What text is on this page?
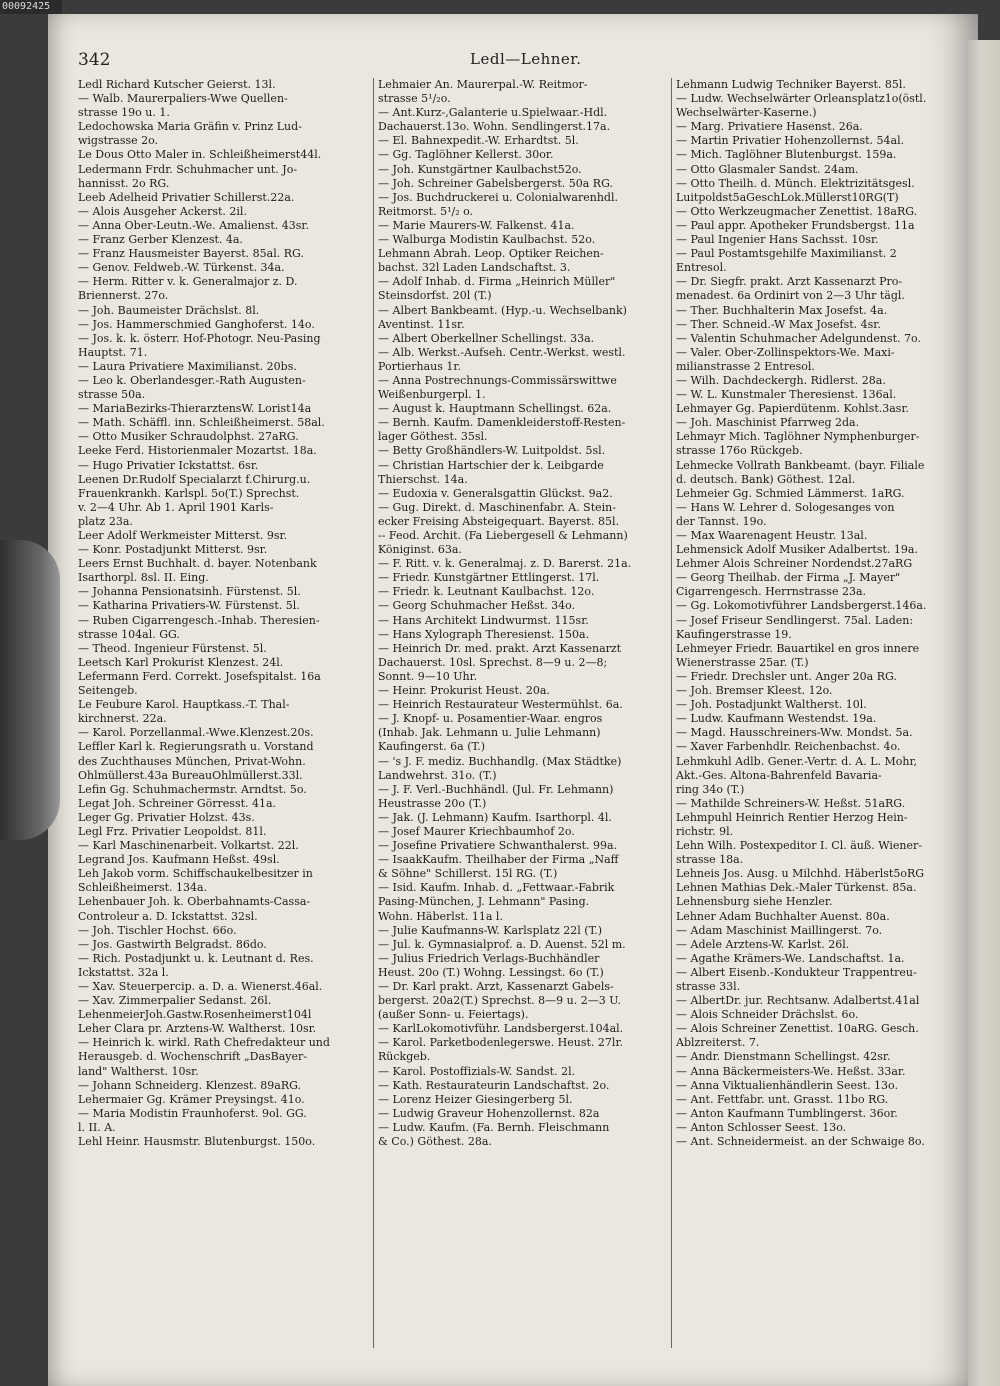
00092425
342	Ledl—Lehner.
Ledl Richard Kutscher Geierst. 13l.
— Walb. Maurerpaliers-Wwe Quellen-
strasse 19o u. 1.
Ledochowska Maria Gräfin v. Prinz Lud-
wigstrasse 2o.
Le Dous Otto Maler in. Schleißheimerst44l.
Ledermann Frdr. Schuhmacher unt. Jo-
hannisst. 2o RG.
Leeb Adelheid Privatier Schillerst.22a.
— Alois Ausgeher Ackerst. 2il.
— Anna Ober-Leutn.-We. Amalienst. 43sr.
— Franz Gerber Klenzest. 4a.
— Franz Hausmeister Bayerst. 85al. RG.
— Genov. Feldweb.-W. Türkenst. 34a.
— Herm. Ritter v. k. Generalmajor z. D.
Briennerst. 27o.
— Joh. Baumeister Drächslst. 8l.
— Jos. Hammerschmied Ganghoferst. 14o.
— Jos. k. k. österr. Hof-Photogr. Neu-Pasing
Hauptst. 71.
— Laura Privatiere Maximilianst. 20bs.
— Leo k. Oberlandesger.-Rath Augusten-
strasse 50a.
— MariaBezirks-ThierarztensW. Lorist14a
— Math. Schäffl. inn. Schleißheimerst. 58al.
— Otto Musiker Schraudolphst. 27aRG.
Leeke Ferd. Historienmaler Mozartst. 18a.
— Hugo Privatier Ickstattst. 6sr.
Leenen Dr.Rudolf Specialarzt f.Chirurg.u.
Frauenkrankh. Karlspl. 5o(T.) Sprechst.
v. 2—4 Uhr. Ab 1. April 1901 Karls-
platz 23a.
Leer Adolf Werkmeister Mitterst. 9sr.
— Konr. Postadjunkt Mitterst. 9sr.
Leers Ernst Buchhalt. d. bayer. Notenbank
Isarthorpl. 8sl. II. Eing.
— Johanna Pensionatsinh. Fürstenst. 5l.
— Katharina Privatiers-W. Fürstenst. 5l.
— Ruben Cigarrengesch.-Inhab. Theresien-
strasse 104al. GG.
— Theod. Ingenieur Fürstenst. 5l.
Leetsch Karl Prokurist Klenzest. 24l.
Lefermann Ferd. Correkt. Josefspitalst. 16a
Seitengeb.
Le Feubure Karol. Hauptkass.-T. Thal-
kirchnerst. 22a.
— Karol. Porzellanmal.-Wwe.Klenzest.20s.
Leffler Karl k. Regierungsrath u. Vorstand
des Zuchthauses München, Privat-Wohn.
Ohlmüllerst.43a BureauOhlmüllerst.33l.
Lefin Gg. Schuhmachermstr. Arndtst. 5o.
Legat Joh. Schreiner Görresst. 41a.
Leger Gg. Privatier Holzst. 43s.
Legl Frz. Privatier Leopoldst. 81l.
— Karl Maschinenarbeit. Volkartst. 22l.
Legrand Jos. Kaufmann Heßst. 49sl.
Leh Jakob vorm. Schiffschaukelbesitzer in
Schleißheimerst. 134a.
Lehenbauer Joh. k. Oberbahnamts-Cassa-
Controleur a. D. Ickstattst. 32sl.
— Joh. Tischler Hochst. 66o.
— Jos. Gastwirth Belgradst. 86do.
— Rich. Postadjunkt u. k. Leutnant d. Res.
Ickstattst. 32a l.
— Xav. Steuerpercip. a. D. a. Wienerst.46al.
— Xav. Zimmerpalier Sedanst. 26l.
LehenmeierJoh.Gastw.Rosenheimerst104l
Leher Clara pr. Arztens-W. Waltherst. 10sr.
— Heinrich k. wirkl. Rath Chefredakteur und
Herausgeb. d. Wochenschrift „DasBayer-
land" Waltherst. 10sr.
— Johann Schneiderg. Klenzest. 89aRG.
Lehermaier Gg. Krämer Preysingst. 41o.
— Maria Modistin Fraunhoferst. 9ol. GG.
l. II. A.
Lehl Heinr. Hausmstr. Blutenburgst. 150o.
Lehmaier An. Maurerpal.-W. Reitmor-
strasse 5¹/₂o.
— Ant.Kurz-,Galanterie u.Spielwaar.-Hdl.
Dachauerst.13o. Wohn. Sendlingerst.17a.
— El. Bahnexpedit.-W. Erhardtst. 5l.
— Gg. Taglöhner Kellerst. 30or.
— Joh. Kunstgärtner Kaulbachst52o.
— Joh. Schreiner Gabelsbergerst. 50a RG.
— Jos. Buchdruckerei u. Colonialwarenhdl.
Reitmorst. 5¹/₂ o.
— Marie Maurers-W. Falkenst. 41a.
— Walburga Modistin Kaulbachst. 52o.
Lehmann Abrah. Leop. Optiker Reichen-
bachst. 32l Laden Landschaftst. 3.
— Adolf Inhab. d. Firma „Heinrich Müller"
Steinsdorfst. 20l (T.)
— Albert Bankbeamt. (Hyp.-u. Wechselbank)
Aventinst. 11sr.
— Albert Oberkellner Schellingst. 33a.
— Alb. Werkst.-Aufseh. Centr.-Werkst. westl.
Portierhaus 1r.
— Anna Postrechnungs-Commissärswittwe
Weißenburgerpl. 1.
— August k. Hauptmann Schellingst. 62a.
— Bernh. Kaufm. Damenkleiderstoff-Resten-
lager Göthest. 35sl.
— Betty Großhändlers-W. Luitpoldst. 5sl.
— Christian Hartschier der k. Leibgarde
Thierschst. 14a.
— Eudoxia v. Generalsgattin Glückst. 9a2.
— Gug. Direkt. d. Maschinenfabr. A. Stein-
ecker Freising Absteigequart. Bayerst. 85l.
-- Feod. Archit. (Fa Liebergesell & Lehmann)
Königinst. 63a.
— F. Ritt. v. k. Generalmaj. z. D. Barerst. 21a.
— Friedr. Kunstgärtner Ettlingerst. 17l.
— Friedr. k. Leutnant Kaulbachst. 12o.
— Georg Schuhmacher Heßst. 34o.
— Hans Architekt Lindwurmst. 115sr.
— Hans Xylograph Theresienst. 150a.
— Heinrich Dr. med. prakt. Arzt Kassenarzt
Dachauerst. 10sl. Sprechst. 8—9 u. 2—8;
Sonnt. 9—10 Uhr.
— Heinr. Prokurist Heust. 20a.
— Heinrich Restaurateur Westermühlst. 6a.
— J. Knopf- u. Posamentier-Waar. engros
(Inhab. Jak. Lehmann u. Julie Lehmann)
Kaufingerst. 6a (T.)
— 's J. F. mediz. Buchhandlg. (Max Städtke)
Landwehrst. 31o. (T.)
— J. F. Verl.-Buchhändl. (Jul. Fr. Lehmann)
Heustrasse 20o (T.)
— Jak. (J. Lehmann) Kaufm. Isarthorpl. 4l.
— Josef Maurer Kriechbaumhof 2o.
— Josefine Privatiere Schwanthalerst. 99a.
— IsaakKaufm. Theilhaber der Firma „Naff
& Söhne" Schillerst. 15l RG. (T.)
— Isid. Kaufm. Inhab. d. „Fettwaar.-Fabrik
Pasing-München, J. Lehmann" Pasing.
Wohn. Häberlst. 11a l.
— Julie Kaufmanns-W. Karlsplatz 22l (T.)
— Jul. k. Gymnasialprof. a. D. Auenst. 52l m.
— Julius Friedrich Verlags-Buchhändler
Heust. 20o (T.) Wohng. Lessingst. 6o (T.)
— Dr. Karl prakt. Arzt, Kassenarzt Gabels-
bergerst. 20a2(T.) Sprechst. 8—9 u. 2—3 U.
(außer Sonn- u. Feiertags).
— KarlLokomotivführ. Landsbergerst.104al.
— Karol. Parketbodenlegerswe. Heust. 27lr.
Rückgeb.
— Karol. Postoffizials-W. Sandst. 2l.
— Kath. Restaurateurin Landschaftst. 2o.
— Lorenz Heizer Giesingerberg 5l.
— Ludwig Graveur Hohenzollernst. 82a
— Ludw. Kaufm. (Fa. Bernh. Fleischmann
& Co.) Göthest. 28a.
Lehmann Ludwig Techniker Bayerst. 85l.
— Ludw. Wechselwärter Orleansplatz1o(östl.
Wechselwärter-Kaserne.)
— Marg. Privatiere Hasenst. 26a.
— Martin Privatier Hohenzollernst. 54al.
— Mich. Taglöhner Blutenburgst. 159a.
— Otto Glasmaler Sandst. 24am.
— Otto Theilh. d. Münch. Elektrizitätsgesl.
Luitpoldst5aGeschLok.Müllerst10RG(T)
— Otto Werkzeugmacher Zenettist. 18aRG.
— Paul appr. Apotheker Frundsbergst. 11a
— Paul Ingenier Hans Sachsst. 10sr.
— Paul Postamtsgehilfe Maximilianst. 2
Entresol.
— Dr. Siegfr. prakt. Arzt Kassenarzt Pro-
menadest. 6a Ordinirt von 2—3 Uhr tägl.
— Ther. Buchhalterin Max Josefst. 4a.
— Ther. Schneid.-W Max Josefst. 4sr.
— Valentin Schuhmacher Adelgundenst. 7o.
— Valer. Ober-Zollinspektors-We. Maxi-
milianstrasse 2 Entresol.
— Wilh. Dachdeckergh. Ridlerst. 28a.
— W. L. Kunstmaler Theresienst. 136al.
Lehmayer Gg. Papierdütenm. Kohlst.3asr.
— Joh. Maschinist Pfarrweg 2da.
Lehmayr Mich. Taglöhner Nymphenburger-
strasse 176o Rückgeb.
Lehmecke Vollrath Bankbeamt. (bayr. Filiale
d. deutsch. Bank) Göthest. 12al.
Lehmeier Gg. Schmied Lämmerst. 1aRG.
— Hans W. Lehrer d. Sologesanges von
der Tannst. 19o.
— Max Waarenagent Heustr. 13al.
Lehmensick Adolf Musiker Adalbertst. 19a.
Lehmer Alois Schreiner Nordendst.27aRG
— Georg Theilhab. der Firma „J. Mayer"
Cigarrengesch. Herrnstrasse 23a.
— Gg. Lokomotivführer Landsbergerst.146a.
— Josef Friseur Sendlingerst. 75al. Laden:
Kaufingerstrasse 19.
Lehmeyer Friedr. Bauartikel en gros innere
Wienerstrasse 25ar. (T.)
— Friedr. Drechsler unt. Anger 20a RG.
— Joh. Bremser Kleest. 12o.
— Joh. Postadjunkt Waltherst. 10l.
— Ludw. Kaufmann Westendst. 19a.
— Magd. Hausschreiners-Ww. Mondst. 5a.
— Xaver Farbenhdlr. Reichenbachst. 4o.
Lehmkuhl Adlb. Gener.-Vertr. d. A. L. Mohr,
Akt.-Ges. Altona-Bahrenfeld Bavaria-
ring 34o (T.)
— Mathilde Schreiners-W. Heßst. 51aRG.
Lehmpuhl Heinrich Rentier Herzog Hein-
richstr. 9l.
Lehn Wilh. Postexpeditor I. Cl. äuß. Wiener-
strasse 18a.
Lehneis Jos. Ausg. u Milchhd. Häberlst5oRG
Lehnen Mathias Dek.-Maler Türkenst. 85a.
Lehnensburg siehe Henzler.
Lehner Adam Buchhalter Auenst. 80a.
— Adam Maschinist Maillingerst. 7o.
— Adele Arztens-W. Karlst. 26l.
— Agathe Krämers-We. Landschaftst. 1a.
— Albert Eisenb.-Kondukteur Trappentreu-
strasse 33l.
— AlbertDr. jur. Rechtsanw. Adalbertst.41al
— Alois Schneider Drächslst. 6o.
— Alois Schreiner Zenettist. 10aRG. Gesch.
Ablzreiterst. 7.
— Andr. Dienstmann Schellingst. 42sr.
— Anna Bäckermeisters-We. Heßst. 33ar.
— Anna Viktualienhändlerin Seest. 13o.
— Ant. Fettfabr. unt. Grasst. 11bo RG.
— Anton Kaufmann Tumblingerst. 36or.
— Anton Schlosser Seest. 13o.
— Ant. Schneidermeist. an der Schwaige 8o.
